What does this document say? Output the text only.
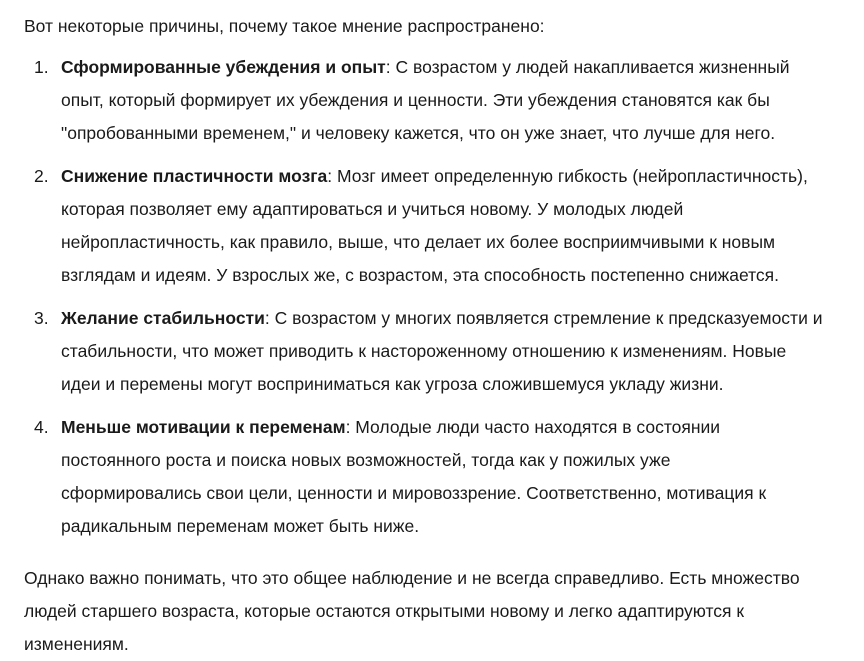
Вот некоторые причины, почему такое мнение распространено:

1. Сформированные убеждения и опыт: С возрастом у людей накапливается жизненный
опыт, который формирует их убеждения и ценности. Эти убеждения становятся как бы
"опробованными временем," и человеку кажется, что он уже знает, что лучше для него.
2. Снижение пластичности мозга: Мозг имеет определенную гибкость (нейропластичность),
которая позволяет ему адаптироваться и учиться новому. У молодых людей
нейропластичность, как правило, выше, что делает их более восприимчивыми к новым
взглядам и идеям. У взрослых же, с возрастом, эта способность постепенно снижается.
3. Желание стабильности: С возрастом у многих появляется стремление к предсказуемости и
стабильности, что может приводить к настороженному отношению к изменениям. Новые
идеи и перемены могут восприниматься как угроза сложившемуся укладу жизни.
4. Меньше мотивации к переменам: Молодые люди часто находятся в состоянии
постоянного роста и поиска новых возможностей, тогда как у пожилых уже
сформировались свои цели, ценности и мировоззрение. Соответственно, мотивация к
радикальным переменам может быть ниже.

Однако важно понимать, что это общее наблюдение и не всегда справедливо. Есть множество
людей старшего возраста, которые остаются открытыми новому и легко адаптируются к
изменениям.
